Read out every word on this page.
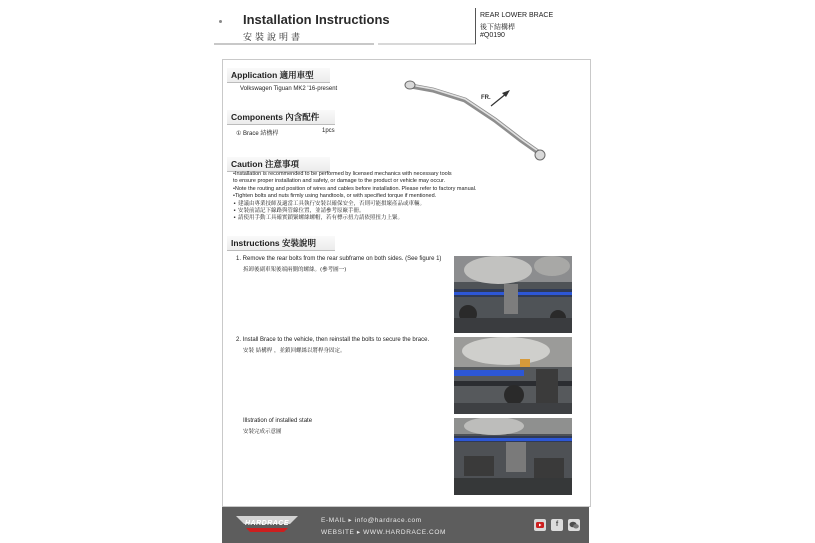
Installation Instructions
安裝說明書
REAR LOWER BRACE
後下結構桿
#Q0190
Application 適用車型
Volkswagen Tiguan MK2 '16-present
Components 內含配件
① Brace 結構桿	1pcs
FR.
Caution 注意事項
•Installation is recommended to be performed by licensed mechanics with necessary tools
to ensure proper installation and safety, or damage to the product or vehicle may occur.
•Note the routing and position of wires and cables before installation. Please refer to factory manual.
•Tighten bolts and nuts firmly using handtools, or with specified torque if mentioned.
• 建議由專業技師及適當工具執行安裝以確保安全，否則可能損壞產品或車輛。
• 安裝前請記下線路與管線位置，並請參考原廠手冊。
• 請使用手動工具確實鎖緊螺絲螺帽，若有標示扭力請依照扭力上緊。
Instructions 安裝說明
1. Remove the rear bolts from the rear subframe on both sides. (See figure 1)
拆卸後副車架後端兩側的螺絲。(參考圖一)
2. Install Brace to the vehicle, then reinstall the bolts to secure the brace.
安裝 結構桿 ，並鎖回螺絲以將桿身固定。
Illstration of installed state
安裝完成示意圖
HARDRACE	E-MAIL ▸ info@hardrace.com
WEBSITE ▸ WWW.HARDRACE.COM
f
